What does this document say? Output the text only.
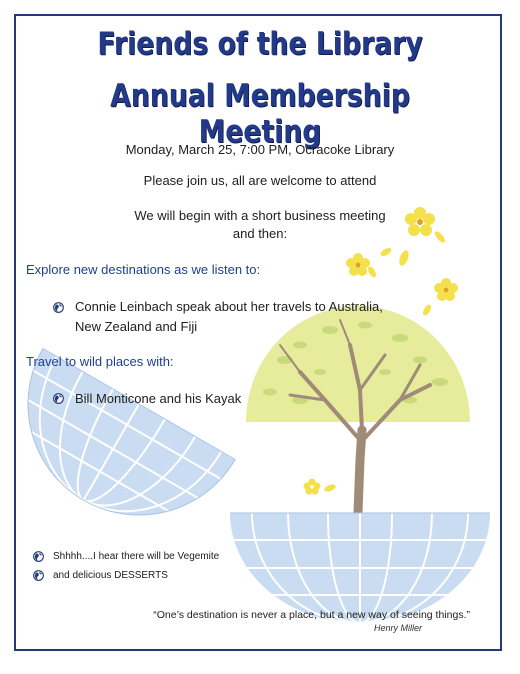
Friends of the Library
Annual Membership Meeting
Monday, March 25, 7:00 PM, Ocracoke Library
Please join us, all are welcome to attend
We will begin with a short business meeting
and then:
Explore new destinations as we listen to:
Connie Leinbach speak about her travels to Australia,
New Zealand and Fiji
Travel to wild places with:
Bill Monticone and his Kayak
Shhhh....I hear there will be Vegemite
and delicious DESSERTS
“One’s destination is never a place, but a new way of seeing things.”
Henry Miller
